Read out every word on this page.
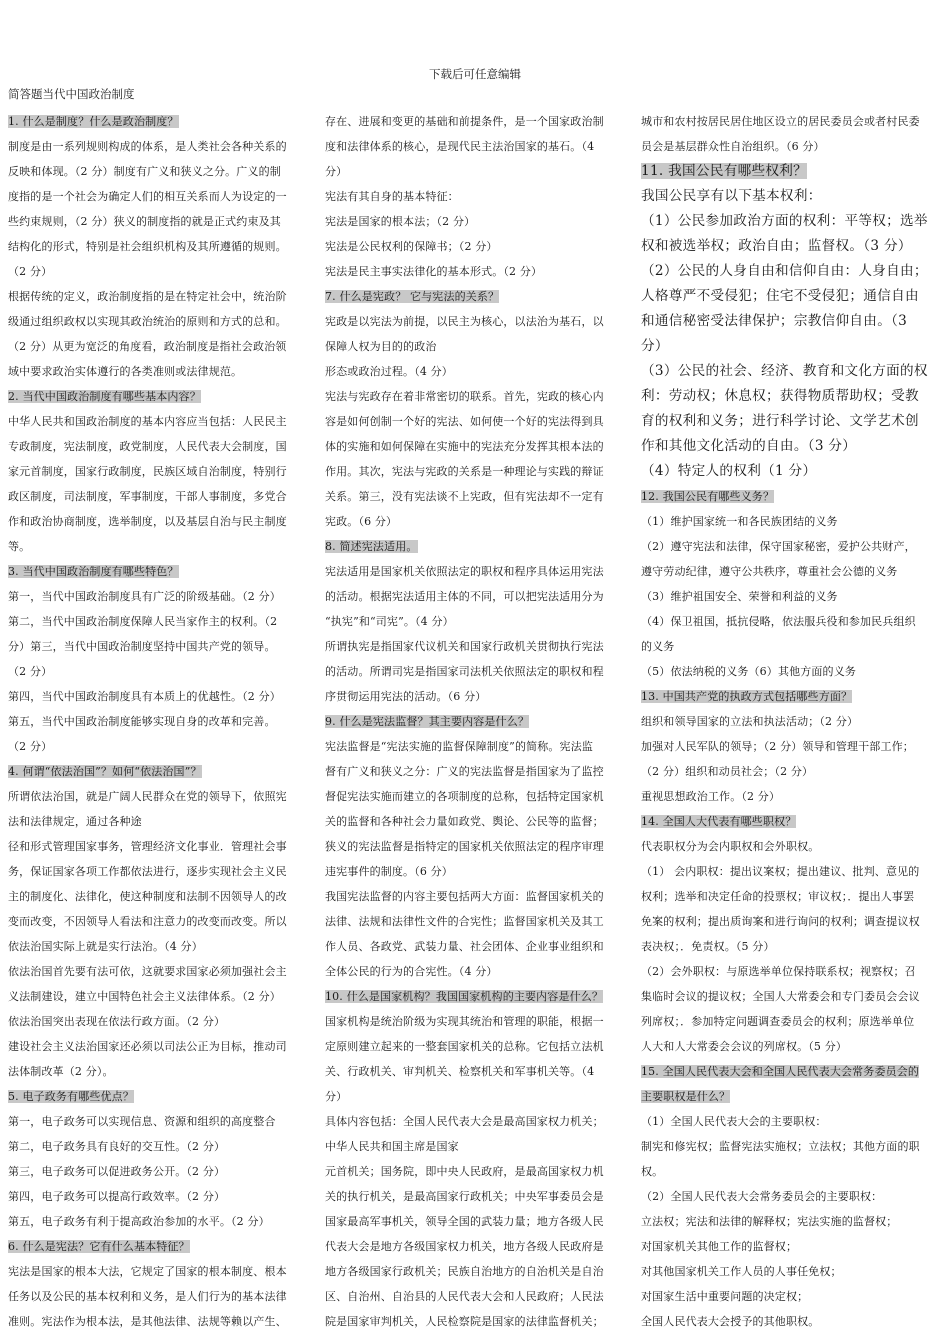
下载后可任意编辑
简答题当代中国政治制度
1. 什么是制度？什么是政治制度？
制度是由一系列规则构成的体系，是人类社会各种关系的
反映和体现。（2 分）制度有广义和狭义之分。广义的制
度指的是一个社会为确定人们的相互关系而人为设定的一
些约束规则，（2 分）狭义的制度指的就是正式约束及其
结构化的形式，特别是社会组织机构及其所遵循的规则。
（2 分）
根据传统的定义，政治制度指的是在特定社会中，统治阶
级通过组织政权以实现其政治统治的原则和方式的总和。
（2 分）从更为宽泛的角度看，政治制度是指社会政治领
域中要求政治实体遵行的各类准则或法律规范。
2. 当代中国政治制度有哪些基本内容？
中华人民共和国政治制度的基本内容应当包括：人民民主
专政制度，宪法制度，政党制度，人民代表大会制度，国
家元首制度，国家行政制度，民族区域自治制度，特别行
政区制度，司法制度，军事制度，干部人事制度，多党合
作和政治协商制度，选举制度，以及基层自治与民主制度
等。
3. 当代中国政治制度有哪些特色？
第一，当代中国政治制度具有广泛的阶级基础。（2 分）
第二，当代中国政治制度保障人民当家作主的权利。（2
分）第三，当代中国政治制度坚持中国共产党的领导。
（2 分）
第四，当代中国政治制度具有本质上的优越性。（2 分）
第五，当代中国政治制度能够实现自身的改革和完善。
（2 分）
4. 何谓“依法治国”？如何“依法治国”？
所谓依法治国，就是广阔人民群众在党的领导下，依照宪
法和法律规定，通过各种途
径和形式管理国家事务，管理经济文化事业．管理社会事
务，保证国家各项工作都依法进行，逐步实现社会主义民
主的制度化、法律化，使这种制度和法制不因领导人的改
变而改变，不因领导人看法和注意力的改变而改变。所以
依法治国实际上就是实行法治。（4 分）
依法治国首先要有法可依，这就要求国家必须加强社会主
义法制建设，建立中国特色社会主义法律体系。（2 分）
依法治国突出表现在依法行政方面。（2 分）
建设社会主义法治国家还必须以司法公正为目标，推动司
法体制改革（2 分）。
5. 电子政务有哪些优点？
第一，电子政务可以实现信息、资源和组织的高度整合
第二，电子政务具有良好的交互性。（2 分）
第三，电子政务可以促进政务公开。（2 分）
第四，电子政务可以提高行政效率。（2 分）
第五，电子政务有利于提高政治参加的水平。（2 分）
6. 什么是宪法？它有什么基本特征？
宪法是国家的根本大法，它规定了国家的根本制度、根本
任务以及公民的基本权利和义务，是人们行为的基本法律
准则。宪法作为根本法，是其他法律、法规等赖以产生、
存在、进展和变更的基础和前提条件，是一个国家政治制
度和法律体系的核心，是现代民主法治国家的基石。（4
分）
宪法有其自身的基本特征：
宪法是国家的根本法；（2 分）
宪法是公民权利的保障书；（2 分）
宪法是民主事实法律化的基本形式。（2 分）
7. 什么是宪政？ 它与宪法的关系？
宪政是以宪法为前提，以民主为核心，以法治为基石，以
保障人权为目的的政治
形态或政治过程。（4 分）
宪法与宪政存在着非常密切的联系。首先，宪政的核心内
容是如何创制一个好的宪法、如何使一个好的宪法得到具
体的实施和如何保障在实施中的宪法充分发挥其根本法的
作用。其次，宪法与宪政的关系是一种理论与实践的辩证
关系。第三，没有宪法谈不上宪政，但有宪法却不一定有
宪政。（6 分）
8. 简述宪法适用。
宪法适用是国家机关依照法定的职权和程序具体运用宪法
的活动。根据宪法适用主体的不同，可以把宪法适用分为
“执宪”和“司宪”。（4 分）
所谓执宪是指国家代议机关和国家行政机关贯彻执行宪法
的活动。所谓司宪是指国家司法机关依照法定的职权和程
序贯彻运用宪法的活动。（6 分）
9. 什么是宪法监督？其主要内容是什么？
宪法监督是“宪法实施的监督保障制度”的简称。宪法监
督有广义和狭义之分：广义的宪法监督是指国家为了监控
督促宪法实施而建立的各项制度的总称，包括特定国家机
关的监督和各种社会力量如政党、舆论、公民等的监督；
狭义的宪法监督是指特定的国家机关依照法定的程序审理
违宪事件的制度。（6 分）
我国宪法监督的内容主要包括两大方面：监督国家机关的
法律、法规和法律性文件的合宪性；监督国家机关及其工
作人员、各政党、武装力量、社会团体、企业事业组织和
全体公民的行为的合宪性。（4 分）
10. 什么是国家机构？我国国家机构的主要内容是什么？
国家机构是统治阶级为实现其统治和管理的职能，根据一
定原则建立起来的一整套国家机关的总称。它包括立法机
关、行政机关、审判机关、检察机关和军事机关等。（4
分）
具体内容包括：全国人民代表大会是最高国家权力机关；
中华人民共和国主席是国家
元首机关；国务院，即中央人民政府，是最高国家权力机
关的执行机关，是最高国家行政机关；中央军事委员会是
国家最高军事机关，领导全国的武装力量；地方各级人民
代表大会是地方各级国家权力机关，地方各级人民政府是
地方各级国家行政机关；民族自治地方的自治机关是自治
区、自治州、自治县的人民代表大会和人民政府；人民法
院是国家审判机关，人民检察院是国家的法律监督机关；
城市和农村按居民居住地区设立的居民委员会或者村民委
员会是基层群众性自治组织。（6 分）
11. 我国公民有哪些权利？
我国公民享有以下基本权利：
（1）公民参加政治方面的权利：平等权；选举
权和被选举权；政治自由；监督权。（3 分）
（2）公民的人身自由和信仰自由：人身自由；
人格尊严不受侵犯；住宅不受侵犯；通信自由
和通信秘密受法律保护；宗教信仰自由。（3
分）
（3）公民的社会、经济、教育和文化方面的权
利：劳动权；休息权；获得物质帮助权；受教
育的权利和义务；进行科学讨论、文学艺术创
作和其他文化活动的自由。（3 分）
（4）特定人的权利（1 分）
12. 我国公民有哪些义务？
（1）维护国家统一和各民族团结的义务
（2）遵守宪法和法律，保守国家秘密，爱护公共财产，
遵守劳动纪律，遵守公共秩序，尊重社会公德的义务
（3）维护祖国安全、荣誉和利益的义务
（4）保卫祖国，抵抗侵略，依法服兵役和参加民兵组织
的义务
（5）依法纳税的义务（6）其他方面的义务
13. 中国共产党的执政方式包括哪些方面？
组织和领导国家的立法和执法活动；（2 分）
加强对人民军队的领导；（2 分）领导和管理干部工作；
（2 分）组织和动员社会；（2 分）
重视思想政治工作。（2 分）
14. 全国人大代表有哪些职权？
代表职权分为会内职权和会外职权。
（1） 会内职权：提出议案权；提出建议、批判、意见的
权利；选举和决定任命的投票权；审议权；．提出人事罢
免案的权利；提出质询案和进行询问的权利；调查提议权
表决权；．免责权。（5 分）
（2）会外职权：与原选举单位保持联系权；视察权；召
集临时会议的提议权；全国人大常委会和专门委员会会议
列席权；．参加特定问题调查委员会的权利；原选举单位
人大和人大常委会会议的列席权。（5 分）
15. 全国人民代表大会和全国人民代表大会常务委员会的
主要职权是什么？
（1）全国人民代表大会的主要职权：
制宪和修宪权；监督宪法实施权；立法权；其他方面的职
权。
（2）全国人民代表大会常务委员会的主要职权：
立法权；宪法和法律的解释权；宪法实施的监督权；
对国家机关其他工作的监督权；
对其他国家机关工作人员的人事任免权；
对国家生活中重要问题的决定权；
全国人民代表大会授予的其他职权。
